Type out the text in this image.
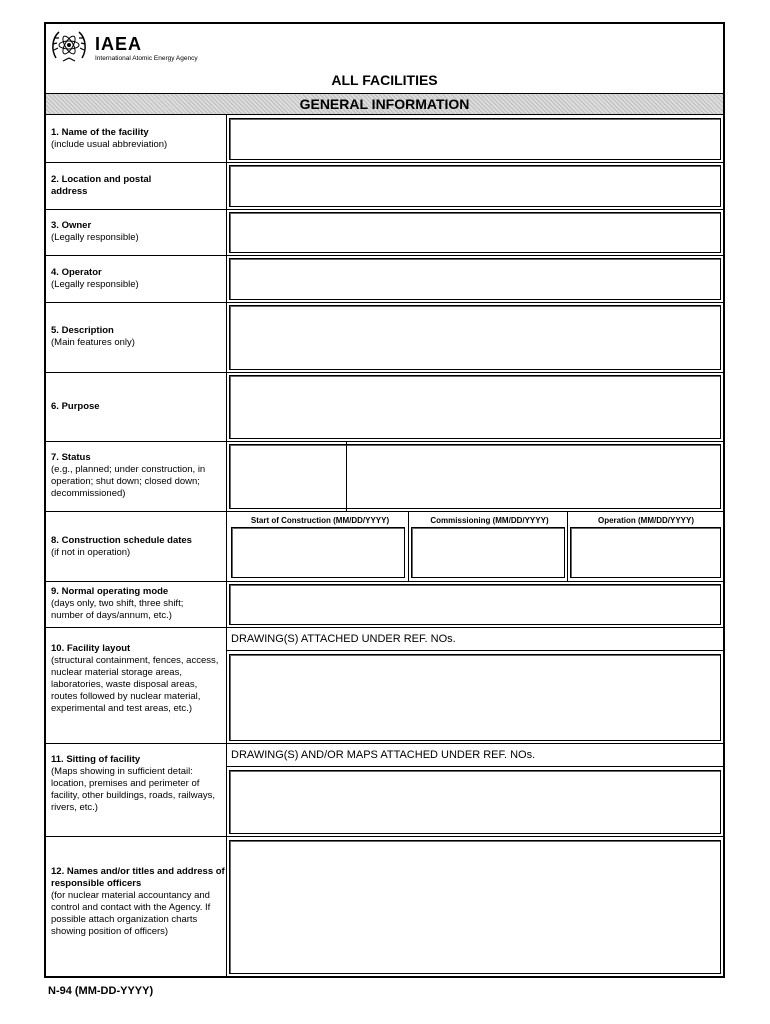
IAEA
International Atomic Energy Agency
ALL FACILITIES
GENERAL INFORMATION
1. Name of the facility
(include usual abbreviation)
2. Location and postal address
3. Owner
(Legally responsible)
4. Operator
(Legally responsible)
5. Description
(Main features only)
6. Purpose
7. Status
(e.g., planned; under construction, in operation; shut down; closed down; decommissioned)
8. Construction schedule dates
(if not in operation)
9. Normal operating mode
(days only, two shift, three shift; number of days/annum, etc.)
10. Facility layout
(structural containment, fences, access, nuclear material storage areas, laboratories, waste disposal areas, routes followed by nuclear material, experimental and test areas, etc.)
11. Sitting of facility
(Maps showing in sufficient detail: location, premises and perimeter of facility, other buildings, roads, railways, rivers, etc.)
12. Names and/or titles and address of responsible officers
(for nuclear material accountancy and control and contact with the Agency. If possible attach organization charts showing position of officers)
Start of Construction (MM/DD/YYYY)	Commissioning (MM/DD/YYYY)	Operation (MM/DD/YYYY)
DRAWING(S) ATTACHED UNDER REF. NOs.
DRAWING(S) AND/OR MAPS ATTACHED UNDER REF. NOs.
N-94 (MM-DD-YYYY)
